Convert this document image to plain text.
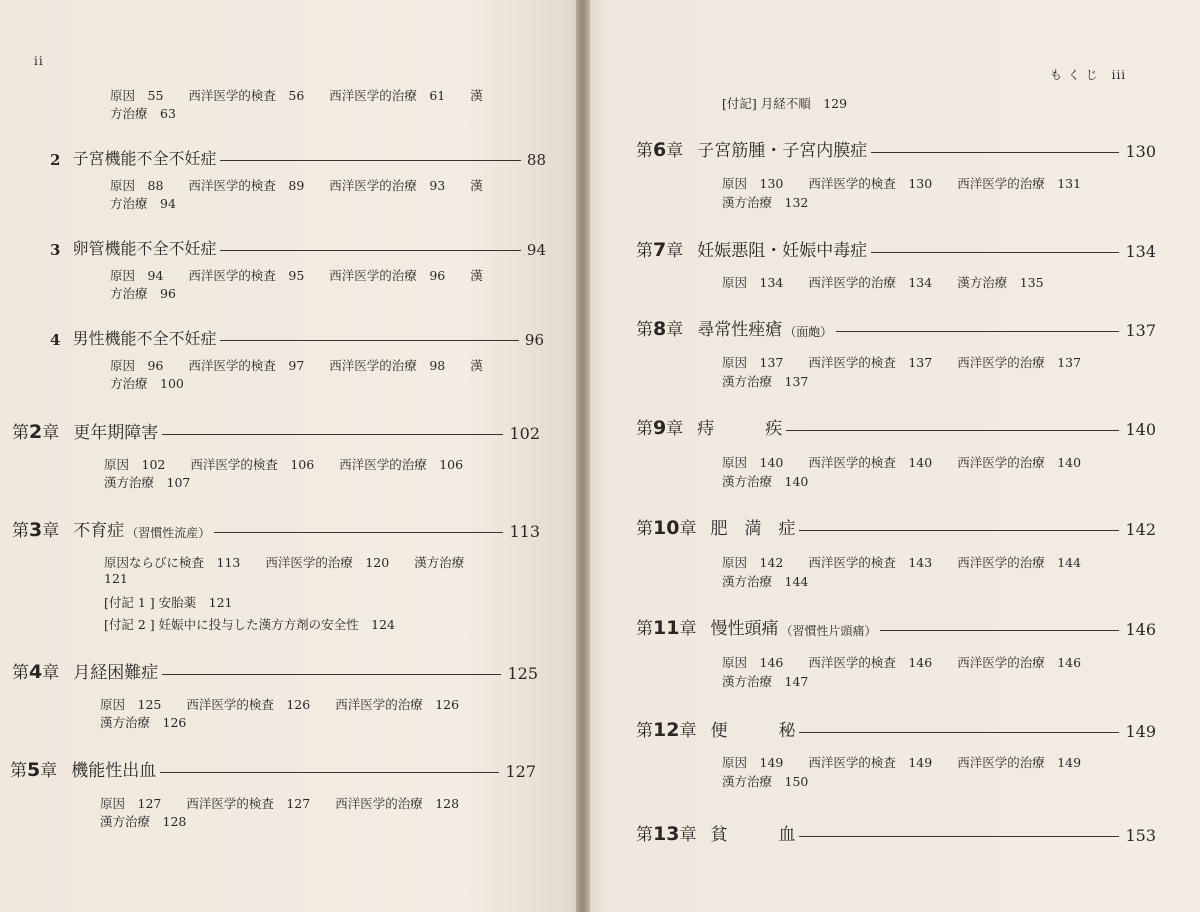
ii
原因　55　　西洋医学的検査　56　　西洋医学的治療　61　　漢
方治療　63
2 子宮機能不全不妊症	88
原因　88　　西洋医学的検査　89　　西洋医学的治療　93　　漢
方治療　94
3 卵管機能不全不妊症	94
原因　94　　西洋医学的検査　95　　西洋医学的治療　96　　漢
方治療　96
4 男性機能不全不妊症	96
原因　96　　西洋医学的検査　97　　西洋医学的治療　98　　漢
方治療　100
第 2 章 更年期障害	102
原因　102　　西洋医学的検査　106　　西洋医学的治療　106
漢方治療　107
第 3 章 不育症 （習慣性流産）	113
原因ならびに検査　113　　西洋医学的治療　120　　漢方治療
121
[付記 1 ] 安胎薬　121
[付記 2 ] 妊娠中に投与した漢方方剤の安全性　124
第 4 章 月経困難症	125
原因　125　　西洋医学的検査　126　　西洋医学的治療　126
漢方治療　126
第 5 章 機能性出血	127
原因　127　　西洋医学的検査　127　　西洋医学的治療　128
漢方治療　128
も く じ　iii
[付記] 月経不順　129
第 6 章 子宮筋腫・子宮内膜症	130
原因　130　　西洋医学的検査　130　　西洋医学的治療　131
漢方治療　132
第 7 章 妊娠悪阻・妊娠中毒症	134
原因　134　　西洋医学的治療　134　　漢方治療　135
第 8 章 尋常性痤瘡 （面皰）	137
原因　137　　西洋医学的検査　137　　西洋医学的治療　137
漢方治療　137
第 9 章 痔　　　疾	140
原因　140　　西洋医学的検査　140　　西洋医学的治療　140
漢方治療　140
第 10 章 肥　満　症	142
原因　142　　西洋医学的検査　143　　西洋医学的治療　144
漢方治療　144
第 11 章 慢性頭痛 （習慣性片頭痛）	146
原因　146　　西洋医学的検査　146　　西洋医学的治療　146
漢方治療　147
第 12 章 便　　　秘	149
原因　149　　西洋医学的検査　149　　西洋医学的治療　149
漢方治療　150
第 13 章 貧　　　血	153
